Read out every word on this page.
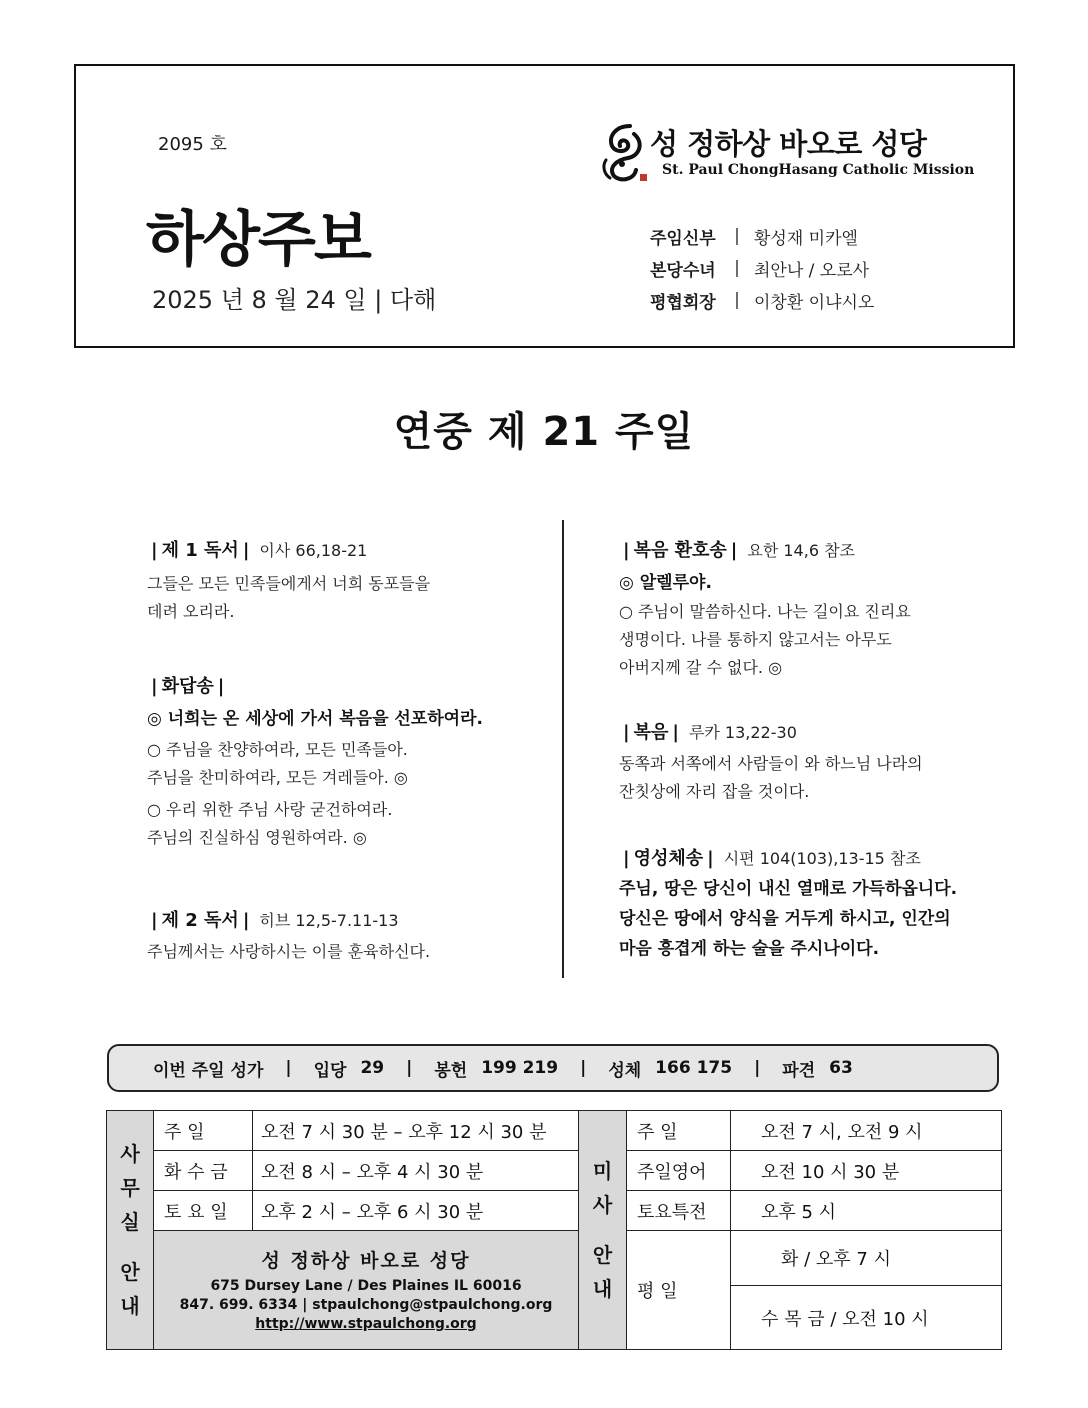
2095 호
하상주보
2025 년 8 월 24 일 | 다해
성 정하상 바오로 성당
St. Paul ChongHasang Catholic Mission
주임신부	| 황성재 미카엘
본당수녀	| 최안나 / 오로사
평협회장	| 이창환 이냐시오
연중 제 21 주일
| 제 1 독서 | 이사 66,18-21
그들은 모든 민족들에게서 너희 동포들을
데려 오리라.
| 화답송 |
◎ 너희는 온 세상에 가서 복음을 선포하여라.
○ 주님을 찬양하여라, 모든 민족들아.
주님을 찬미하여라, 모든 겨레들아. ◎
○ 우리 위한 주님 사랑 굳건하여라.
주님의 진실하심 영원하여라. ◎
| 제 2 독서 | 히브 12,5-7.11-13
주님께서는 사랑하시는 이를 훈육하신다.
| 복음 환호송 | 요한 14,6 참조
◎ 알렐루야.
○ 주님이 말씀하신다. 나는 길이요 진리요
생명이다. 나를 통하지 않고서는 아무도
아버지께 갈 수 없다. ◎
| 복음 | 루카 13,22-30
동쪽과 서쪽에서 사람들이 와 하느님 나라의
잔칫상에 자리 잡을 것이다.
| 영성체송 | 시편 104(103),13-15 참조
주님, 땅은 당신이 내신 열매로 가득하옵니다.
당신은 땅에서 양식을 거두게 하시고, 인간의
마음 흥겹게 하는 술을 주시나이다.
이번 주일 성가 | 입당 29 | 봉헌 199 219 | 성체 166 175 | 파견 63
사
무
실
안
내
주 일	오전 7 시 30 분 – 오후 12 시 30 분
화 수 금	오전 8 시 – 오후 4 시 30 분
토 요 일	오후 2 시 – 오후 6 시 30 분
성 정하상 바오로 성당
675 Dursey Lane / Des Plaines IL 60016
847. 699. 6334 | stpaulchong@stpaulchong.org
http://www.stpaulchong.org
미
사
안
내
주 일	오전 7 시, 오전 9 시
주일영어	오전 10 시 30 분
토요특전	오후 5 시
평 일
화 / 오후 7 시
수 목 금 / 오전 10 시
